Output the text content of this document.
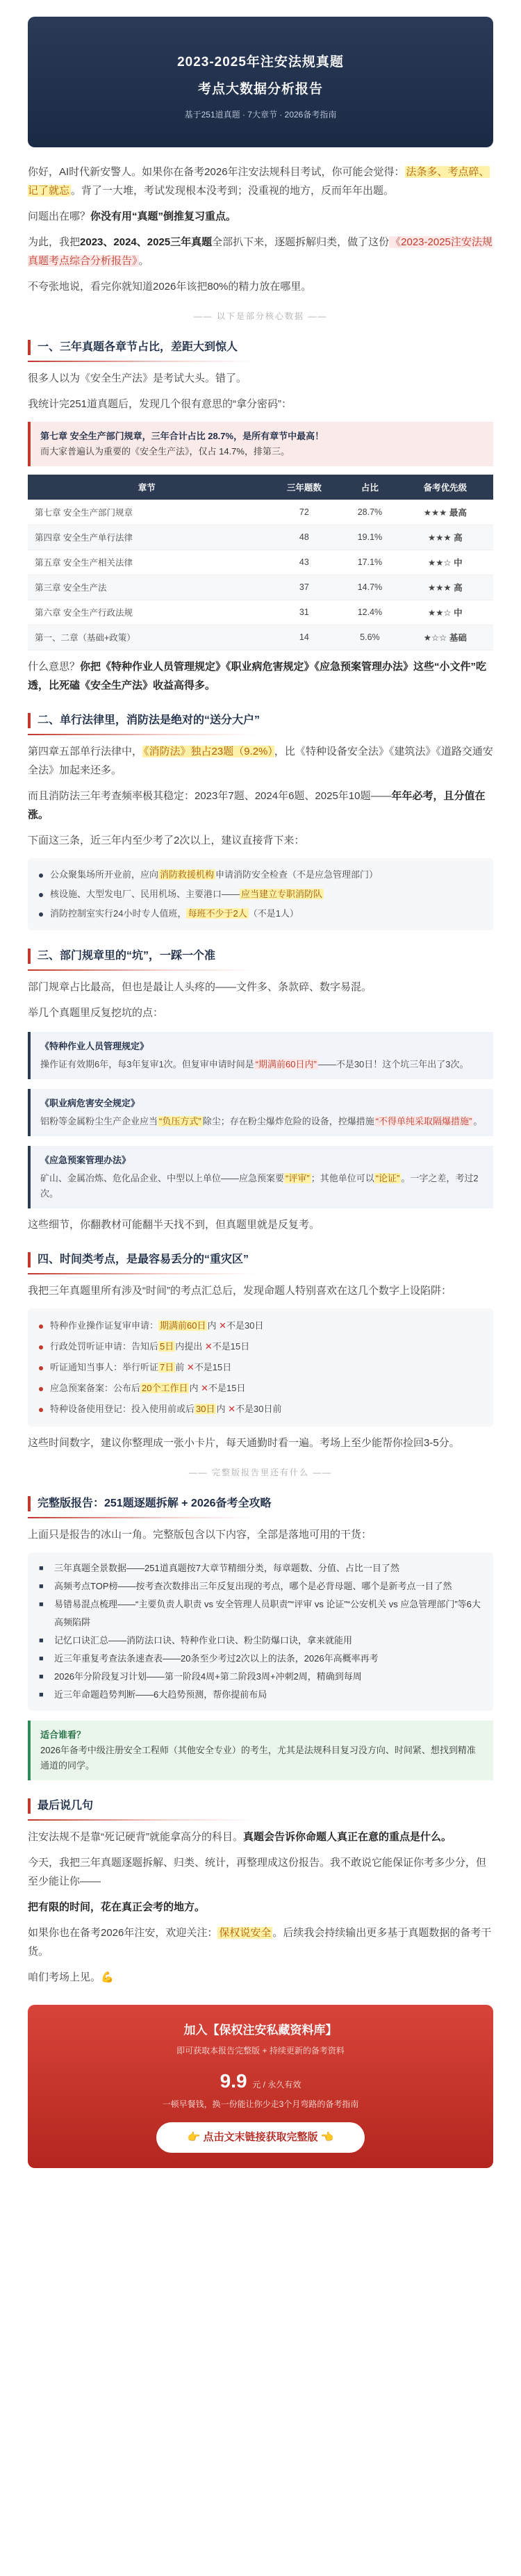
2023-2025年注安法规真题
考点大数据分析报告
基于251道真题 · 7大章节 · 2026备考指南

你好，AI时代新安警人。如果你在备考2026年注安法规科目考试，你可能会觉得： 法条多、考点碎、记了就忘 。背了一大堆，考试发现根本没考到；没重视的地方，反而年年出题。

问题出在哪？你没有用“真题”倒推复习重点。

为此，我把2023、2024、2025三年真题全部扒下来，逐题拆解归类，做了这份 《2023-2025注安法规真题考点综合分析报告》 。

不夸张地说，看完你就知道2026年该把80%的精力放在哪里。

—— 以下是部分核心数据 ——
一、三年真题各章节占比，差距大到惊人

很多人以为《安全生产法》是考试大头。错了。

我统计完251道真题后，发现几个很有意思的“拿分密码”：

第七章 安全生产部门规章，三年合计占比 28.7%，是所有章节中最高！
而大家普遍认为重要的《安全生产法》，仅占 14.7%，排第三。
章节	三年题数	占比	备考优先级
第七章 安全生产部门规章	72	28.7%	★★★ 最高
第四章 安全生产单行法律	48	19.1%	★★★ 高
第五章 安全生产相关法律	43	17.1%	★★☆ 中
第三章 安全生产法	37	14.7%	★★★ 高
第六章 安全生产行政法规	31	12.4%	★★☆ 中
第一、二章（基础+政策）	14	5.6%	★☆☆ 基础

什么意思？你把《特种作业人员管理规定》《职业病危害规定》《应急预案管理办法》这些“小文件”吃透，比死磕《安全生产法》收益高得多。

二、单行法律里，消防法是绝对的“送分大户”

第四章五部单行法律中， 《消防法》独占23题（9.2%） ，比《特种设备安全法》《建筑法》《道路交通安全法》加起来还多。

而且消防法三年考查频率极其稳定：2023年7题、2024年6题、2025年10题——年年必考，且分值在涨。

下面这三条，近三年内至少考了2次以上，建议直接背下来：

公众聚集场所开业前，应向 消防救援机构 申请消防安全检查（不是应急管理部门）
核设施、大型发电厂、民用机场、主要港口—— 应当建立专职消防队
消防控制室实行24小时专人值班， 每班不少于2人 （不是1人）
三、部门规章里的“坑”，一踩一个准

部门规章占比最高，但也是最让人头疼的——文件多、条款碎、数字易混。

举几个真题里反复挖坑的点：

《特种作业人员管理规定》
操作证有效期6年，每3年复审1次。但复审申请时间是 “期满前60日内” ——不是30日！这个坑三年出了3次。
《职业病危害安全规定》
铝粉等金属粉尘生产企业应当 “负压方式” 除尘；存在粉尘爆炸危险的设备，控爆措施 “不得单纯采取隔爆措施” 。
《应急预案管理办法》
矿山、金属冶炼、危化品企业、中型以上单位——应急预案要 “评审” ；其他单位可以 “论证” 。一字之差，考过2次。

这些细节，你翻教材可能翻半天找不到，但真题里就是反复考。

四、时间类考点，是最容易丢分的“重灾区”

我把三年真题里所有涉及“时间”的考点汇总后，发现命题人特别喜欢在这几个数字上设陷阱：

特种作业操作证复审申请： 期满前60日 内 ✕不是30日
行政处罚听证申请：告知后 5日 内提出 ✕不是15日
听证通知当事人：举行听证 7日 前 ✕不是15日
应急预案备案：公布后 20个工作日 内 ✕不是15日
特种设备使用登记：投入使用前或后 30日 内 ✕不是30日前

这些时间数字，建议你整理成一张小卡片，每天通勤时看一遍。考场上至少能帮你捡回3-5分。

—— 完整版报告里还有什么 ——
完整版报告：251题逐题拆解 + 2026备考全攻略

上面只是报告的冰山一角。完整版包含以下内容，全部是落地可用的干货：

■ 三年真题全景数据——251道真题按7大章节精细分类，每章题数、分值、占比一目了然
■ 高频考点TOP榜——按考查次数排出三年反复出现的考点，哪个是必背母题、哪个是新考点一目了然
■ 易错易混点梳理——“主要负责人职责 vs 安全管理人员职责”“评审 vs 论证”“公安机关 vs 应急管理部门”等6大高频陷阱
■ 记忆口诀汇总——消防法口诀、特种作业口诀、粉尘防爆口诀，拿来就能用
■ 近三年重复考查法条速查表——20条至少考过2次以上的法条，2026年高概率再考
■ 2026年分阶段复习计划——第一阶段4周+第二阶段3周+冲刺2周，精确到每周
■ 近三年命题趋势判断——6大趋势预测，帮你提前布局
适合谁看？
2026年备考中级注册安全工程师（其他安全专业）的考生，尤其是法规科目复习没方向、时间紧、想找到精准通道的同学。
最后说几句

注安法规不是靠“死记硬背”就能拿高分的科目。真题会告诉你命题人真正在意的重点是什么。

今天，我把三年真题逐题拆解、归类、统计，再整理成这份报告。我不敢说它能保证你考多少分，但至少能让你——

把有限的时间，花在真正会考的地方。

如果你也在备考2026年注安，欢迎关注： 保权说安全 。后续我会持续输出更多基于真题数据的备考干货。

咱们考场上见。💪

加入【保权注安私藏资料库】
即可获取本报告完整版 + 持续更新的备考资料
9.9 元 / 永久有效
一顿早餐钱，换一份能让你少走3个月弯路的备考指南
👉 点击文末链接获取完整版 👈
